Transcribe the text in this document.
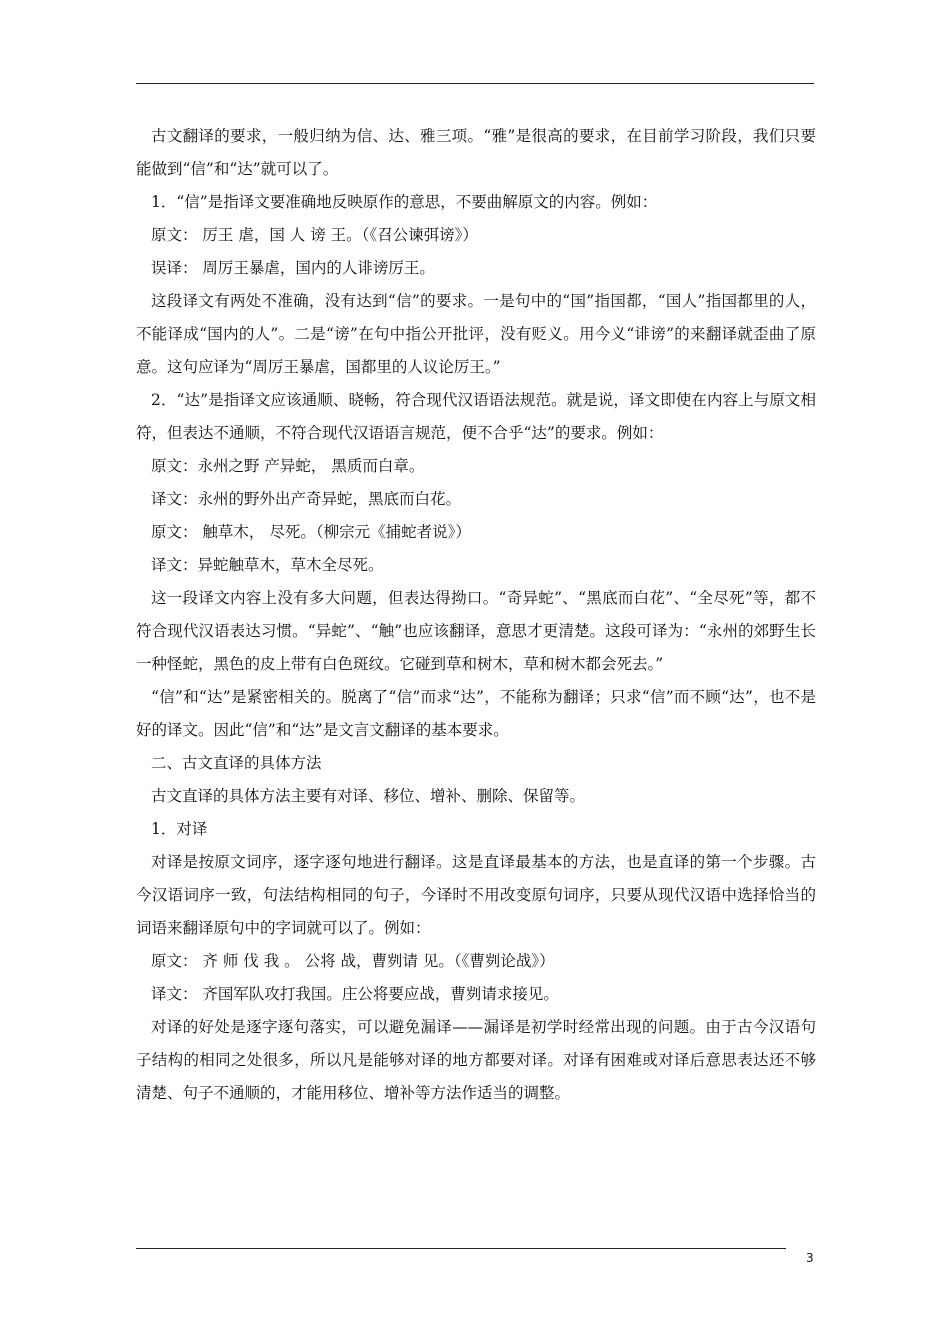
古文翻译的要求，一般归纳为信、达、雅三项。“雅”是很高的要求，在目前学习阶段，我们只要能做到“信”和“达”就可以了。

1．“信”是指译文要准确地反映原作的意思，不要曲解原文的内容。例如：

原文： 厉王 虐，国 人 谤 王。（《召公谏弭谤》）

误译： 周厉王暴虐，国内的人诽谤厉王。

这段译文有两处不准确，没有达到“信”的要求。一是句中的“国”指国都，“国人”指国都里的人，不能译成“国内的人”。二是“谤”在句中指公开批评，没有贬义。用今义“诽谤”的来翻译就歪曲了原意。这句应译为“周厉王暴虐，国都里的人议论厉王。”

2．“达”是指译文应该通顺、晓畅，符合现代汉语语法规范。就是说，译文即使在内容上与原文相符，但表达不通顺，不符合现代汉语语言规范，便不合乎“达”的要求。例如：

原文：永州之野 产异蛇， 黑质而白章。

译文：永州的野外出产奇异蛇，黑底而白花。

原文： 触草木， 尽死。（柳宗元《捕蛇者说》）

译文：异蛇触草木，草木全尽死。

这一段译文内容上没有多大问题，但表达得拗口。“奇异蛇”、“黑底而白花”、“全尽死”等，都不符合现代汉语表达习惯。“异蛇”、“触”也应该翻译，意思才更清楚。这段可译为：“永州的郊野生长一种怪蛇，黑色的皮上带有白色斑纹。它碰到草和树木，草和树木都会死去。”

“信”和“达”是紧密相关的。脱离了“信”而求“达”，不能称为翻译；只求“信”而不顾“达”，也不是好的译文。因此“信”和“达”是文言文翻译的基本要求。

二、古文直译的具体方法

古文直译的具体方法主要有对译、移位、增补、删除、保留等。

1．对译

对译是按原文词序，逐字逐句地进行翻译。这是直译最基本的方法，也是直译的第一个步骤。古今汉语词序一致，句法结构相同的句子，今译时不用改变原句词序，只要从现代汉语中选择恰当的词语来翻译原句中的字词就可以了。例如：

原文： 齐 师 伐 我 。 公将 战，曹刿请 见。（《曹刿论战》）

译文： 齐国军队攻打我国。庄公将要应战，曹刿请求接见。

对译的好处是逐字逐句落实，可以避免漏译——漏译是初学时经常出现的问题。由于古今汉语句子结构的相同之处很多，所以凡是能够对译的地方都要对译。对译有困难或对译后意思表达还不够清楚、句子不通顺的，才能用移位、增补等方法作适当的调整。

3
